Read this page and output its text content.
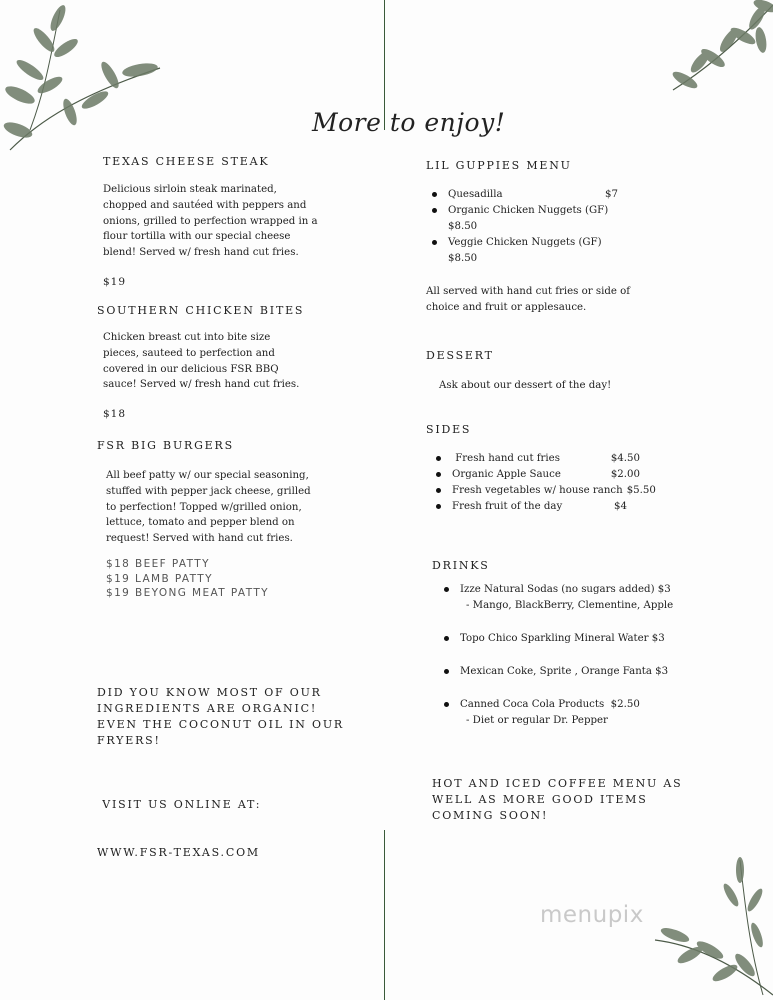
More to enjoy!
TEXAS CHEESE STEAK
Delicious sirloin steak marinated,
chopped and sautéed with peppers and
onions, grilled to perfection wrapped in a
flour tortilla with our special cheese
blend! Served w/ fresh hand cut fries.
$19
SOUTHERN CHICKEN BITES
Chicken breast cut into bite size
pieces, sauteed to perfection and
covered in our delicious FSR BBQ
sauce! Served w/ fresh hand cut fries.
$18
FSR BIG BURGERS
All beef patty w/ our special seasoning,
stuffed with pepper jack cheese, grilled
to perfection! Topped w/grilled onion,
lettuce, tomato and pepper blend on
request! Served with hand cut fries.
$18 BEEF PATTY
$19 LAMB PATTY
$19 BEYONG MEAT PATTY
DID YOU KNOW MOST OF OUR
INGREDIENTS ARE ORGANIC!
EVEN THE COCONUT OIL IN OUR
FRYERS!

VISIT US ONLINE AT:

WWW.FSR-TEXAS.COM

LIL GUPPIES MENU
Quesadilla	$7
Organic Chicken Nuggets (GF)
$8.50
Veggie Chicken Nuggets (GF)
$8.50
All served with hand cut fries or side of
choice and fruit or applesauce.
DESSERT
Ask about our dessert of the day!
SIDES
Fresh hand cut fries	$4.50
Organic Apple Sauce	$2.00
Fresh vegetables w/ house ranch $5.50
Fresh fruit of the day	$4
DRINKS
Izze Natural Sodas (no sugars added) $3
- Mango, BlackBerry, Clementine, Apple
Topo Chico Sparkling Mineral Water $3
Mexican Coke, Sprite , Orange Fanta $3
Canned Coca Cola Products  $2.50
- Diet or regular Dr. Pepper
HOT AND ICED COFFEE MENU AS
WELL AS MORE GOOD ITEMS
COMING SOON!
menupix
